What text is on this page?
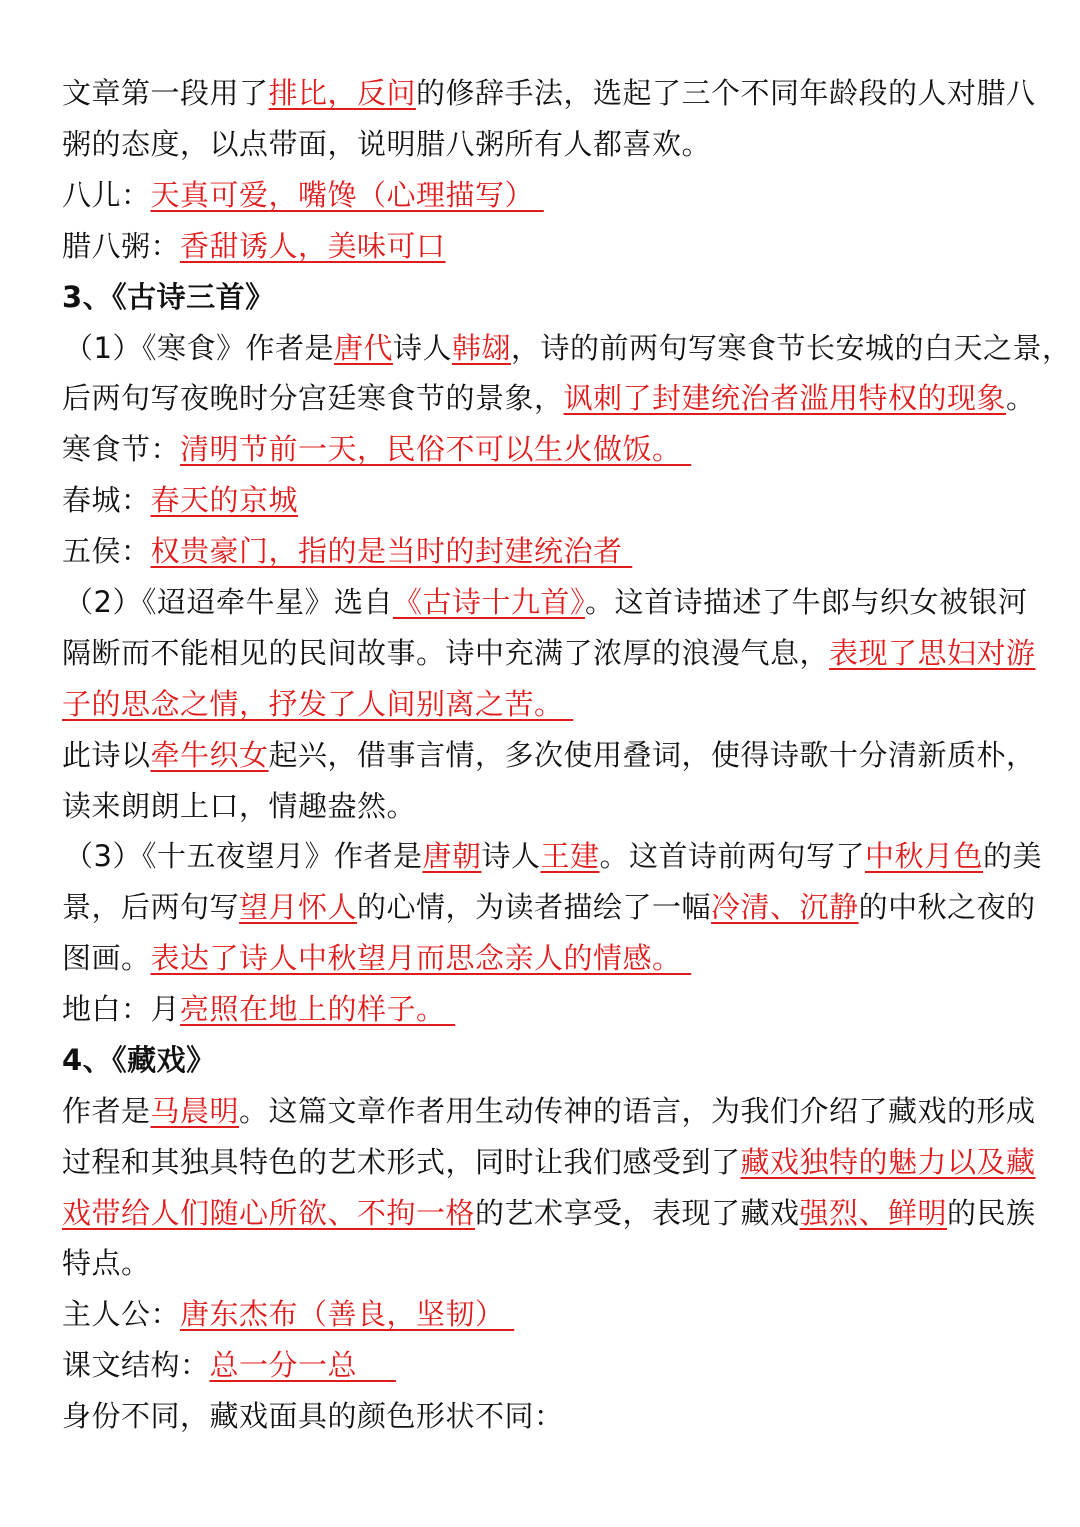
文章第一段用了排比，反问的修辞手法，选起了三个不同年龄段的人对腊八
粥的态度，以点带面，说明腊八粥所有人都喜欢。
八儿：天真可爱，嘴馋（心理描写）
腊八粥：香甜诱人，美味可口
3、《古诗三首》
（1）《寒食》作者是唐代诗人韩翃，诗的前两句写寒食节长安城的白天之景，
后两句写夜晚时分宫廷寒食节的景象，讽刺了封建统治者滥用特权的现象。
寒食节：清明节前一天，民俗不可以生火做饭。
春城：春天的京城
五侯：权贵豪门，指的是当时的封建统治者
（2）《迢迢牵牛星》选自《古诗十九首》。这首诗描述了牛郎与织女被银河
隔断而不能相见的民间故事。诗中充满了浓厚的浪漫气息，表现了思妇对游
子的思念之情，抒发了人间别离之苦。
此诗以牵牛织女起兴，借事言情，多次使用叠词，使得诗歌十分清新质朴，
读来朗朗上口，情趣盎然。
（3）《十五夜望月》作者是唐朝诗人王建。这首诗前两句写了中秋月色的美
景，后两句写望月怀人的心情，为读者描绘了一幅冷清、沉静的中秋之夜的
图画。表达了诗人中秋望月而思念亲人的情感。
地白：月亮照在地上的样子。
4、《藏戏》
作者是马晨明。这篇文章作者用生动传神的语言，为我们介绍了藏戏的形成
过程和其独具特色的艺术形式，同时让我们感受到了藏戏独特的魅力以及藏
戏带给人们随心所欲、不拘一格的艺术享受，表现了藏戏强烈、鲜明的民族
特点。
主人公：唐东杰布（善良，坚韧）
课文结构：总一分一总
身份不同，藏戏面具的颜色形状不同：
